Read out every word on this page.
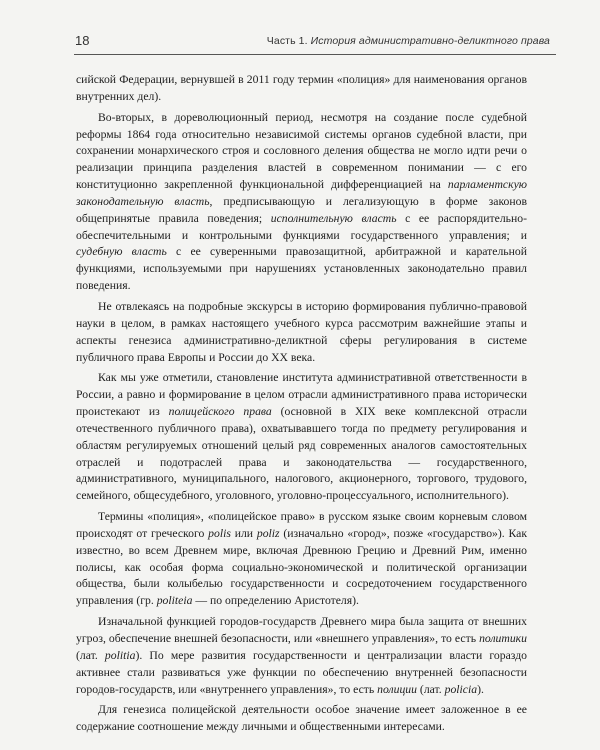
18	Часть 1. История административно-деликтного права

сийской Федерации, вернувшей в 2011 году термин «полиция» для наименования органов внутренних дел).

Во-вторых, в дореволюционный период, несмотря на создание после судебной реформы 1864 года относительно независимой системы органов судебной власти, при сохранении монархического строя и сословного деления общества не могло идти речи о реализации принципа разделения властей в современном понимании — с его конституционно закрепленной функциональной дифференциацией на парламентскую законодательную власть, предписывающую и легализующую в форме законов общепринятые правила поведения; исполнительную власть с ее распорядительно-обеспечительными и контрольными функциями государственного управления; и судебную власть с ее суверенными правозащитной, арбитражной и карательной функциями, используемыми при нарушениях установленных законодательно правил поведения.

Не отвлекаясь на подробные экскурсы в историю формирования публично-правовой науки в целом, в рамках настоящего учебного курса рассмотрим важнейшие этапы и аспекты генезиса административно-деликтной сферы регулирования в системе публичного права Европы и России до XX века.

Как мы уже отметили, становление института административной ответственности в России, а равно и формирование в целом отрасли административного права исторически проистекают из полицейского права (основной в XIX веке комплексной отрасли отечественного публичного права), охватывавшего тогда по предмету регулирования и областям регулируемых отношений целый ряд современных аналогов самостоятельных отраслей и подотраслей права и законодательства — государственного, административного, муниципального, налогового, акционерного, торгового, трудового, семейного, общесудебного, уголовного, уголовно-процессуального, исполнительного).

Термины «полиция», «полицейское право» в русском языке своим корневым словом происходят от греческого polis или poliz (изначально «город», позже «государство»). Как известно, во всем Древнем мире, включая Древнюю Грецию и Древний Рим, именно полисы, как особая форма социально-экономической и политической организации общества, были колыбелью государственности и сосредоточением государственного управления (гр. politeia — по определению Аристотеля).

Изначальной функцией городов-государств Древнего мира была защита от внешних угроз, обеспечение внешней безопасности, или «внешнего управления», то есть политики (лат. politia). По мере развития государственности и централизации власти гораздо активнее стали развиваться уже функции по обеспечению внутренней безопасности городов-государств, или «внутреннего управления», то есть полиции (лат. policia).

Для генезиса полицейской деятельности особое значение имеет заложенное в ее содержание соотношение между личными и общественными интересами.
